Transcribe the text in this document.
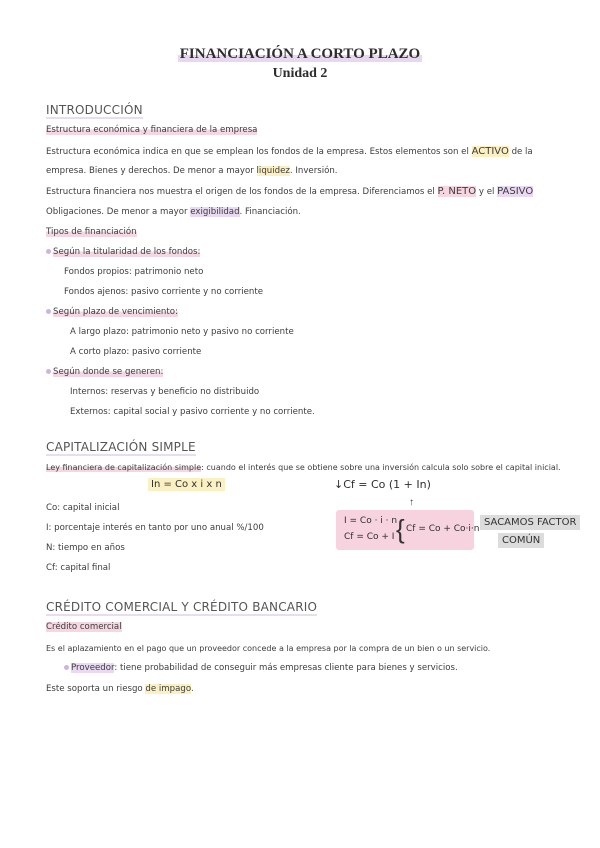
FINANCIACIÓN A CORTO PLAZO
Unidad 2
INTRODUCCIÓN
Estructura económica y financiera de la empresa
Estructura económica indica en que se emplean los fondos de la empresa. Estos elementos son el ACTIVO de la
empresa. Bienes y derechos. De menor a mayor liquidez. Inversión.
Estructura financiera nos muestra el origen de los fondos de la empresa. Diferenciamos el P. NETO y el PASIVO
Obligaciones. De menor a mayor exigibilidad. Financiación.
Tipos de financiación
Según la titularidad de los fondos:
Fondos propios: patrimonio neto
Fondos ajenos: pasivo corriente y no corriente
Según plazo de vencimiento:
A largo plazo: patrimonio neto y pasivo no corriente
A corto plazo: pasivo corriente
Según donde se generen:
Internos: reservas y beneficio no distribuido
Externos: capital social y pasivo corriente y no corriente.
CAPITALIZACIÓN SIMPLE
Ley financiera de capitalización simple: cuando el interés que se obtiene sobre una inversión calcula solo sobre el capital inicial.
In = Co x i x n	↓Cf = Co (1 + In)
↑
Co: capital inicial
I: porcentaje interés en tanto por uno anual %/100
N: tiempo en años
Cf: capital final
I = Co · i · n
Cf = Co + I { Cf = Co + Co·i·n
SACAMOS FACTOR
COMÚN
CRÉDITO COMERCIAL Y CRÉDITO BANCARIO
Crédito comercial
Es el aplazamiento en el pago que un proveedor concede a la empresa por la compra de un bien o un servicio.
Proveedor: tiene probabilidad de conseguir más empresas cliente para bienes y servicios.
Este soporta un riesgo de impago.
